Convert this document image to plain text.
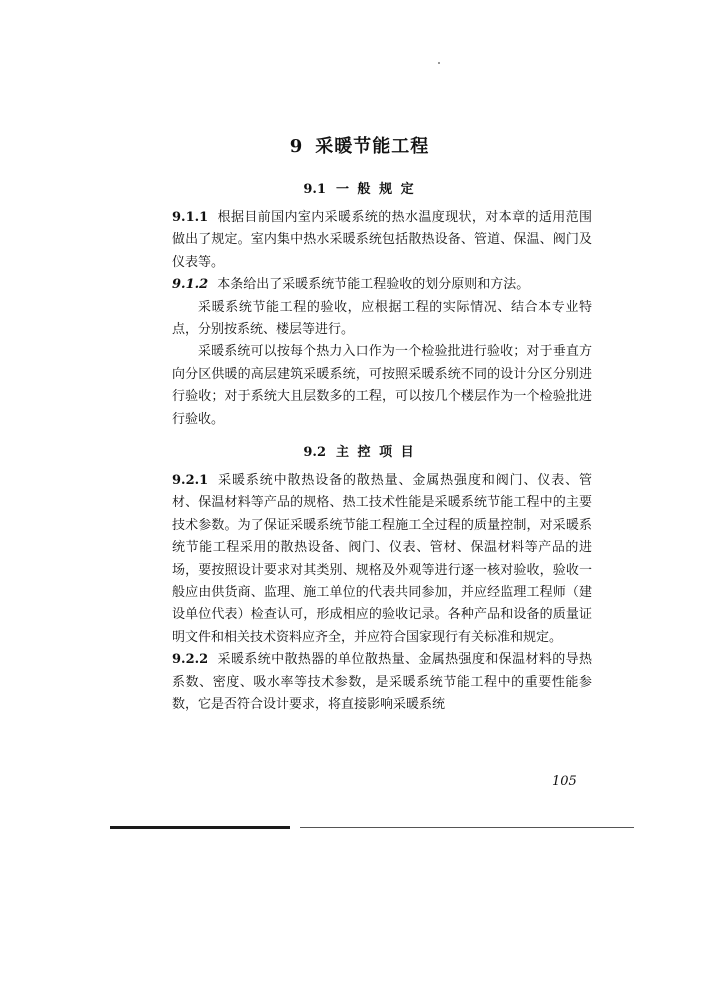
9 采暖节能工程
9.1 一 般 规 定

9.1.1 根据目前国内室内采暖系统的热水温度现状，对本章的适用范围做出了规定。室内集中热水采暖系统包括散热设备、管道、保温、阀门及仪表等。

9.1.2 本条给出了采暖系统节能工程验收的划分原则和方法。

采暖系统节能工程的验收，应根据工程的实际情况、结合本专业特点，分别按系统、楼层等进行。

采暖系统可以按每个热力入口作为一个检验批进行验收；对于垂直方向分区供暖的高层建筑采暖系统，可按照采暖系统不同的设计分区分别进行验收；对于系统大且层数多的工程，可以按几个楼层作为一个检验批进行验收。

9.2 主 控 项 目

9.2.1 采暖系统中散热设备的散热量、金属热强度和阀门、仪表、管材、保温材料等产品的规格、热工技术性能是采暖系统节能工程中的主要技术参数。为了保证采暖系统节能工程施工全过程的质量控制，对采暖系统节能工程采用的散热设备、阀门、仪表、管材、保温材料等产品的进场，要按照设计要求对其类别、规格及外观等进行逐一核对验收，验收一般应由供货商、监理、施工单位的代表共同参加，并应经监理工程师（建设单位代表）检查认可，形成相应的验收记录。各种产品和设备的质量证明文件和相关技术资料应齐全，并应符合国家现行有关标准和规定。

9.2.2 采暖系统中散热器的单位散热量、金属热强度和保温材料的导热系数、密度、吸水率等技术参数，是采暖系统节能工程中的重要性能参数，它是否符合设计要求，将直接影响采暖系统

105
